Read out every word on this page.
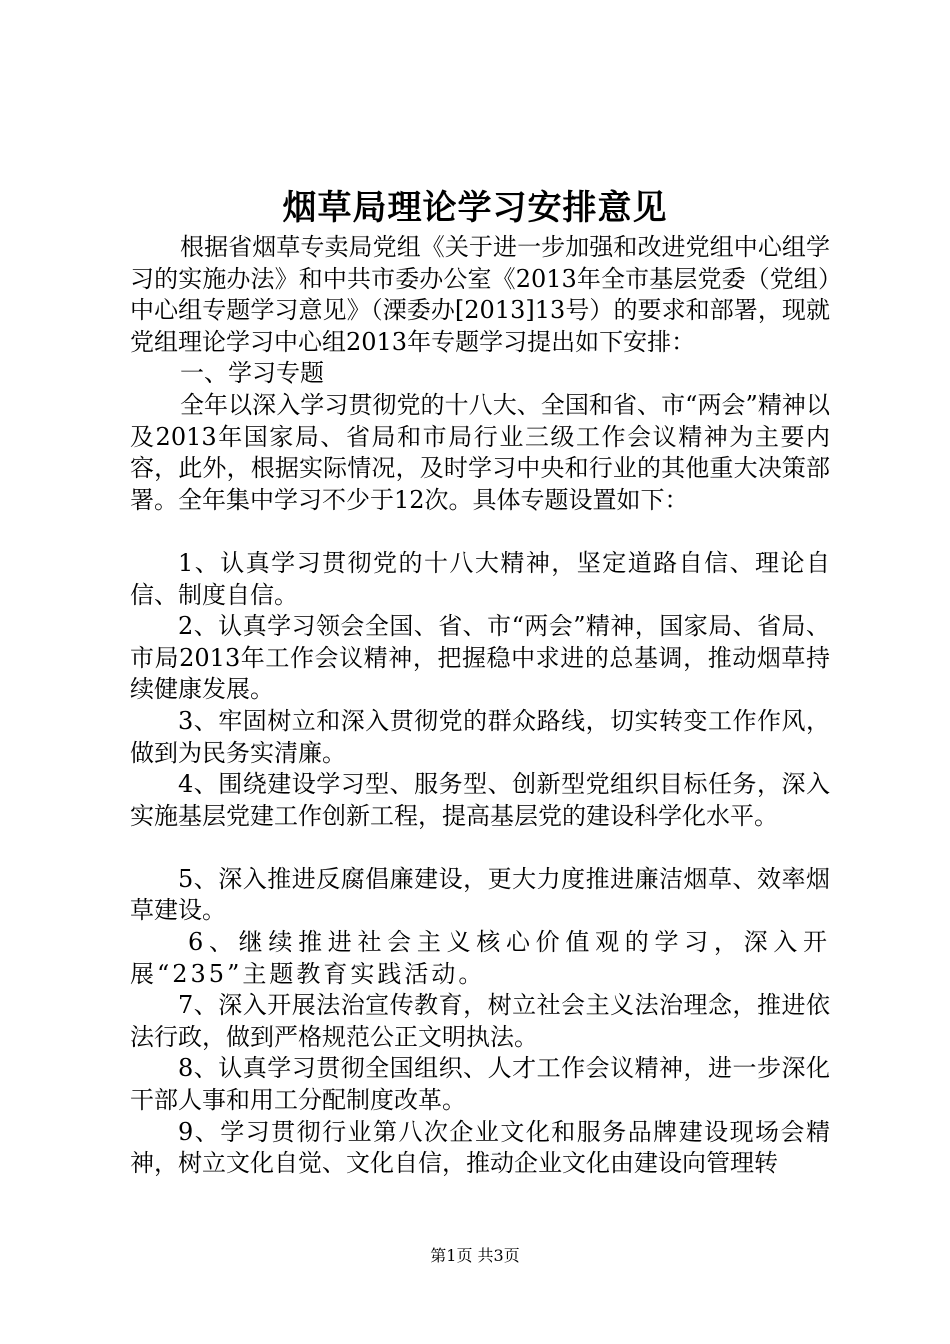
烟草局理论学习安排意见

根据省烟草专卖局党组《关于进一步加强和改进党组中心组学习的实施办法》和中共市委办公室《2013年全市基层党委（党组）中心组专题学习意见》（溧委办[2013]13号）的要求和部署，现就党组理论学习中心组2013年专题学习提出如下安排：

一、学习专题

全年以深入学习贯彻党的十八大、全国和省、市“两会”精神以及2013年国家局、省局和市局行业三级工作会议精神为主要内容，此外，根据实际情况，及时学习中央和行业的其他重大决策部署。全年集中学习不少于12次。具体专题设置如下：

1、认真学习贯彻党的十八大精神，坚定道路自信、理论自信、制度自信。

2、认真学习领会全国、省、市“两会”精神，国家局、省局、市局2013年工作会议精神，把握稳中求进的总基调，推动烟草持续健康发展。

3、牢固树立和深入贯彻党的群众路线，切实转变工作作风，做到为民务实清廉。

4、围绕建设学习型、服务型、创新型党组织目标任务，深入实施基层党建工作创新工程，提高基层党的建设科学化水平。

5、深入推进反腐倡廉建设，更大力度推进廉洁烟草、效率烟草建设。

6、继续推进社会主义核心价值观的学习，深入开展“235”主题教育实践活动。

7、深入开展法治宣传教育，树立社会主义法治理念，推进依法行政，做到严格规范公正文明执法。

8、认真学习贯彻全国组织、人才工作会议精神，进一步深化干部人事和用工分配制度改革。

9、学习贯彻行业第八次企业文化和服务品牌建设现场会精神，树立文化自觉、文化自信，推动企业文化由建设向管理转

第1页 共3页
